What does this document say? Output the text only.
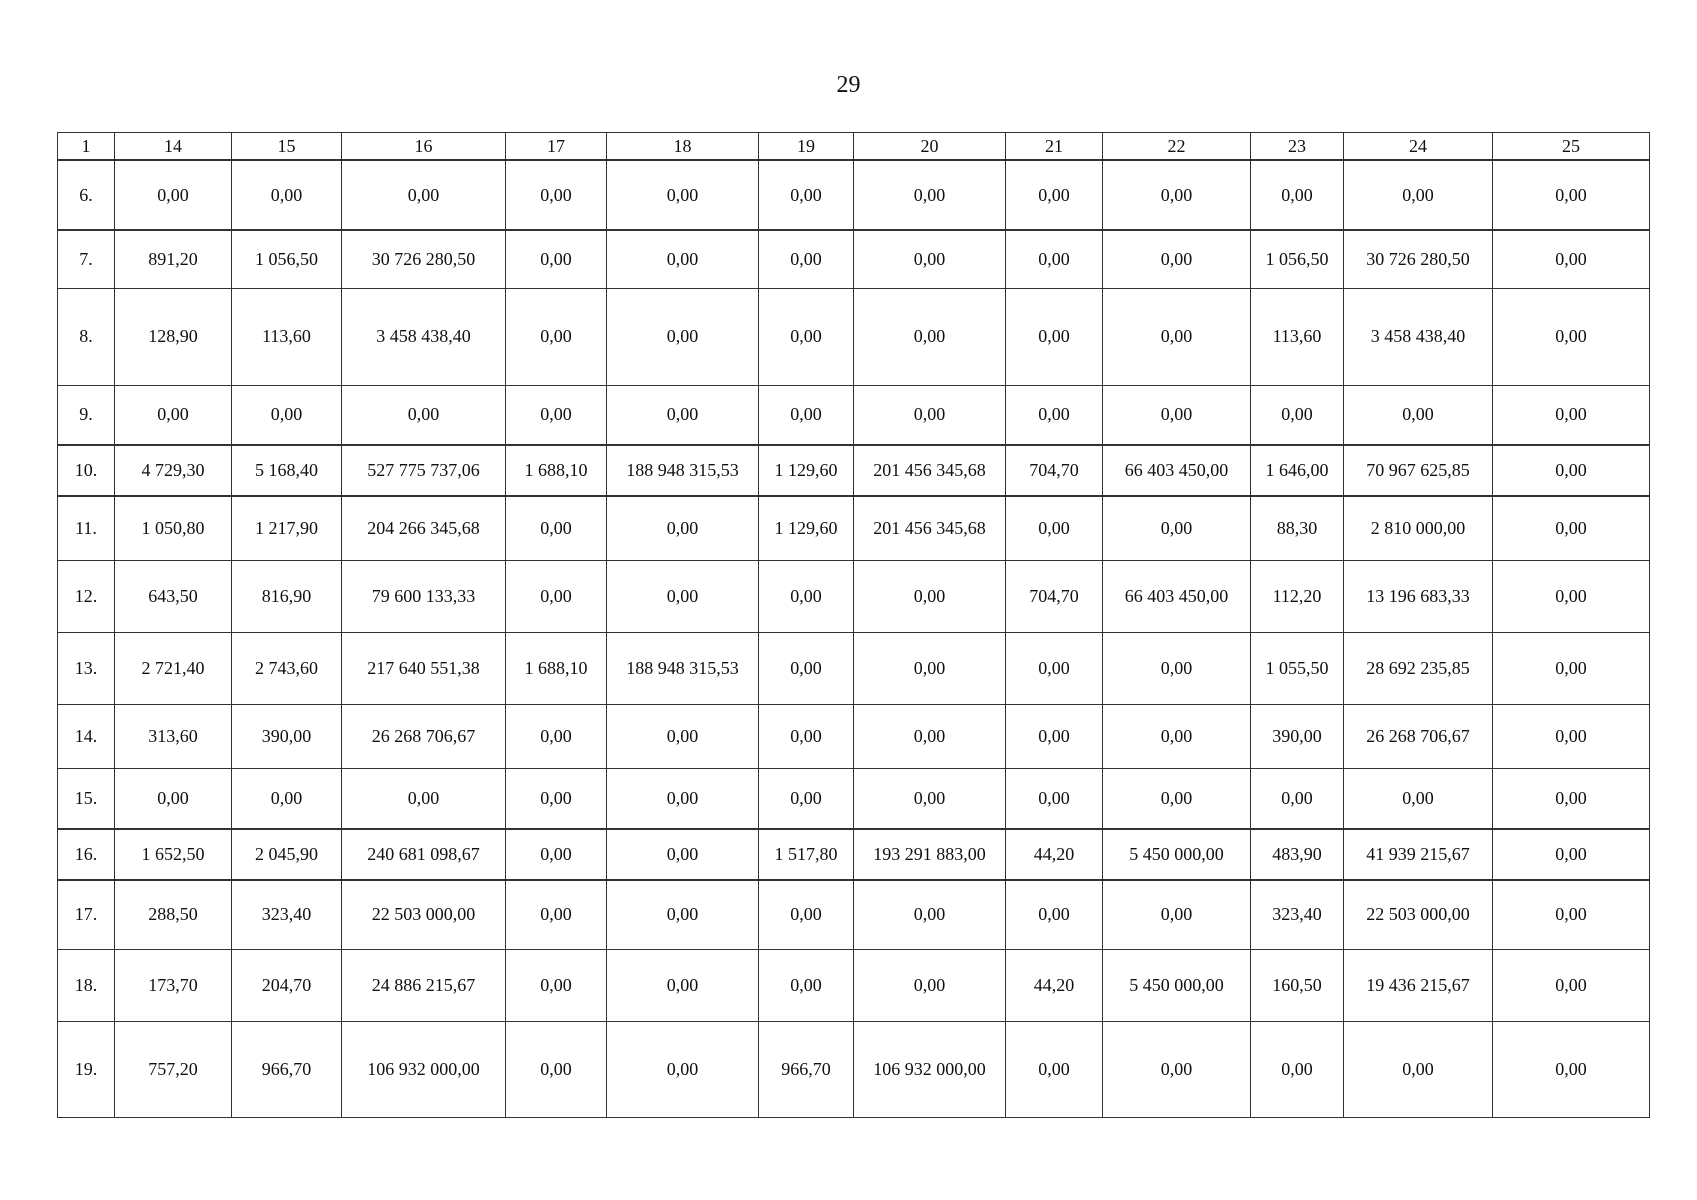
29
1	14	15	16	17	18	19	20	21	22	23	24	25
6.	0,00	0,00	0,00	0,00	0,00	0,00	0,00	0,00	0,00	0,00	0,00	0,00
7.	891,20	1 056,50	30 726 280,50	0,00	0,00	0,00	0,00	0,00	0,00	1 056,50	30 726 280,50	0,00
8.	128,90	113,60	3 458 438,40	0,00	0,00	0,00	0,00	0,00	0,00	113,60	3 458 438,40	0,00
9.	0,00	0,00	0,00	0,00	0,00	0,00	0,00	0,00	0,00	0,00	0,00	0,00
10.	4 729,30	5 168,40	527 775 737,06	1 688,10	188 948 315,53	1 129,60	201 456 345,68	704,70	66 403 450,00	1 646,00	70 967 625,85	0,00
11.	1 050,80	1 217,90	204 266 345,68	0,00	0,00	1 129,60	201 456 345,68	0,00	0,00	88,30	2 810 000,00	0,00
12.	643,50	816,90	79 600 133,33	0,00	0,00	0,00	0,00	704,70	66 403 450,00	112,20	13 196 683,33	0,00
13.	2 721,40	2 743,60	217 640 551,38	1 688,10	188 948 315,53	0,00	0,00	0,00	0,00	1 055,50	28 692 235,85	0,00
14.	313,60	390,00	26 268 706,67	0,00	0,00	0,00	0,00	0,00	0,00	390,00	26 268 706,67	0,00
15.	0,00	0,00	0,00	0,00	0,00	0,00	0,00	0,00	0,00	0,00	0,00	0,00
16.	1 652,50	2 045,90	240 681 098,67	0,00	0,00	1 517,80	193 291 883,00	44,20	5 450 000,00	483,90	41 939 215,67	0,00
17.	288,50	323,40	22 503 000,00	0,00	0,00	0,00	0,00	0,00	0,00	323,40	22 503 000,00	0,00
18.	173,70	204,70	24 886 215,67	0,00	0,00	0,00	0,00	44,20	5 450 000,00	160,50	19 436 215,67	0,00
19.	757,20	966,70	106 932 000,00	0,00	0,00	966,70	106 932 000,00	0,00	0,00	0,00	0,00	0,00
